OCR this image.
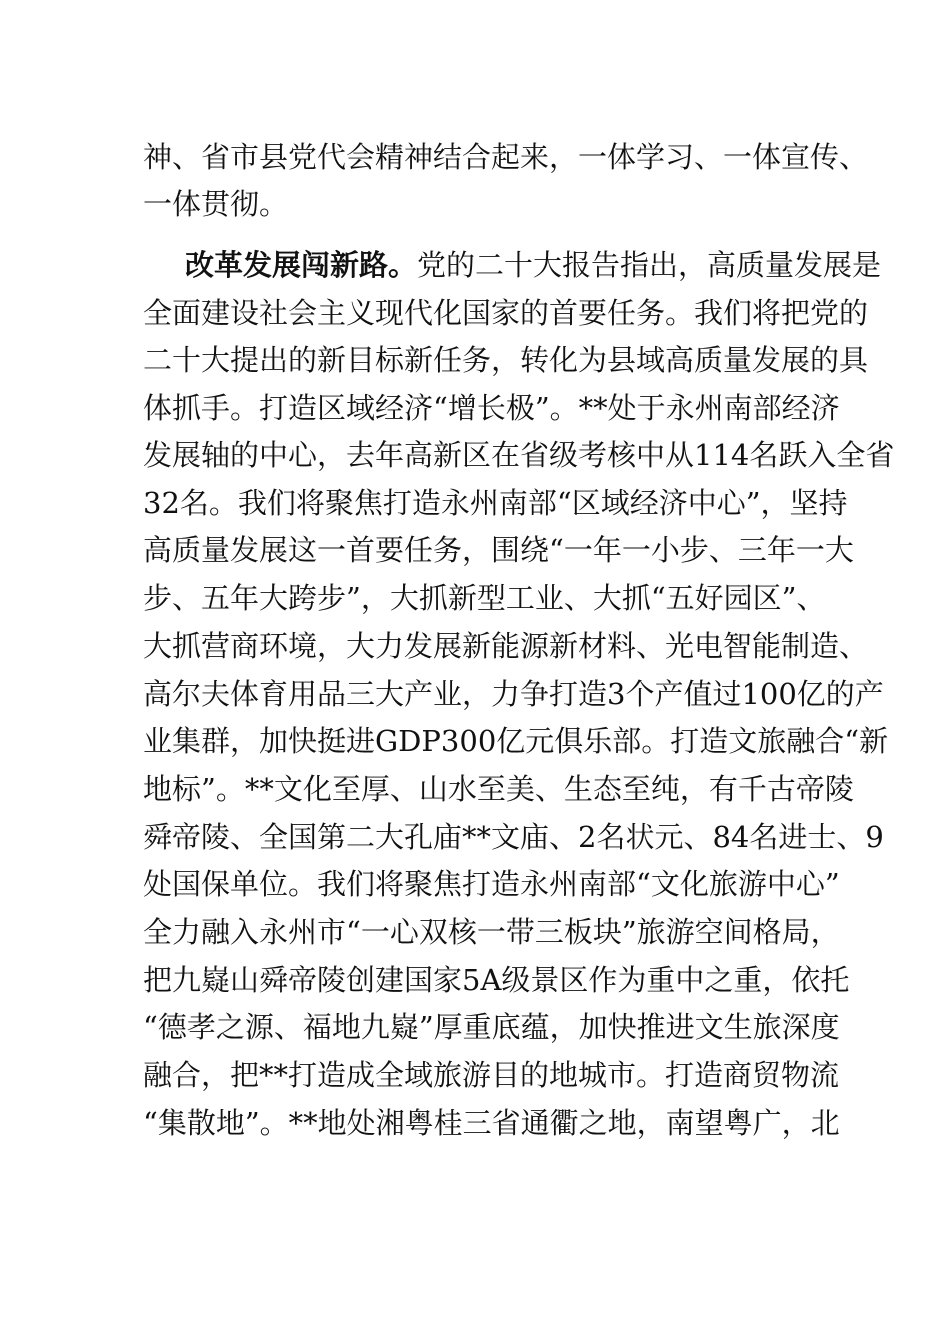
神、省市县党代会精神结合起来，一体学习、一体宣传、
一体贯彻。
改革发展闯新路。党的二十大报告指出，高质量发展是
全面建设社会主义现代化国家的首要任务。我们将把党的
二十大提出的新目标新任务，转化为县域高质量发展的具
体抓手。打造区域经济“增长极”。**处于永州南部经济
发展轴的中心，去年高新区在省级考核中从114名跃入全省
32名。我们将聚焦打造永州南部“区域经济中心”，坚持
高质量发展这一首要任务，围绕“一年一小步、三年一大
步、五年大跨步”，大抓新型工业、大抓“五好园区”、
大抓营商环境，大力发展新能源新材料、光电智能制造、
高尔夫体育用品三大产业，力争打造3个产值过100亿的产
业集群，加快挺进GDP300亿元俱乐部。打造文旅融合“新
地标”。**文化至厚、山水至美、生态至纯，有千古帝陵
舜帝陵、全国第二大孔庙**文庙、2名状元、84名进士、9
处国保单位。我们将聚焦打造永州南部“文化旅游中心”
全力融入永州市“一心双核一带三板块”旅游空间格局，
把九嶷山舜帝陵创建国家5A级景区作为重中之重，依托
“德孝之源、福地九嶷”厚重底蕴，加快推进文生旅深度
融合，把**打造成全域旅游目的地城市。打造商贸物流
“集散地”。**地处湘粤桂三省通衢之地，南望粤广，北
